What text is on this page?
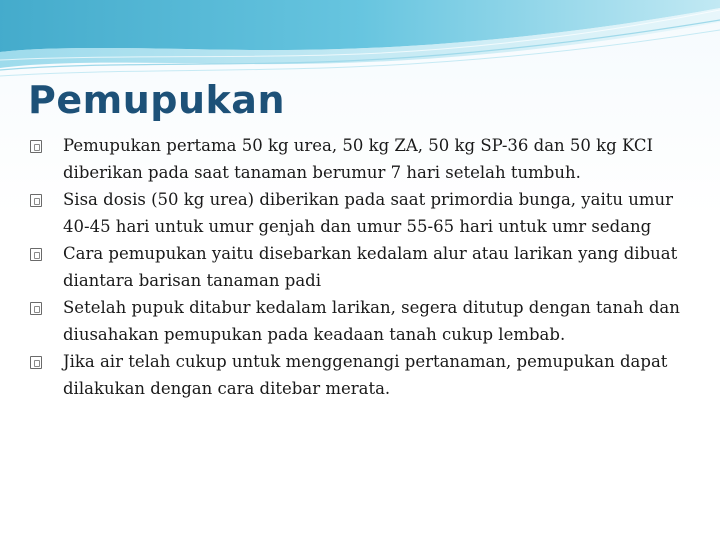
Pemupukan
Pemupukan pertama 50 kg urea, 50 kg ZA, 50 kg SP-36 dan 50 kg KCI diberikan pada saat tanaman berumur 7 hari setelah tumbuh.
Sisa dosis (50 kg urea) diberikan pada saat primordia bunga, yaitu umur 40-45 hari untuk umur genjah dan umur 55-65 hari untuk umr sedang
Cara pemupukan yaitu disebarkan kedalam alur atau larikan yang dibuat diantara barisan tanaman padi
Setelah pupuk ditabur kedalam larikan, segera ditutup dengan tanah dan diusahakan pemupukan pada keadaan tanah cukup lembab.
Jika air telah cukup untuk menggenangi pertanaman, pemupukan dapat dilakukan dengan cara ditebar merata.
